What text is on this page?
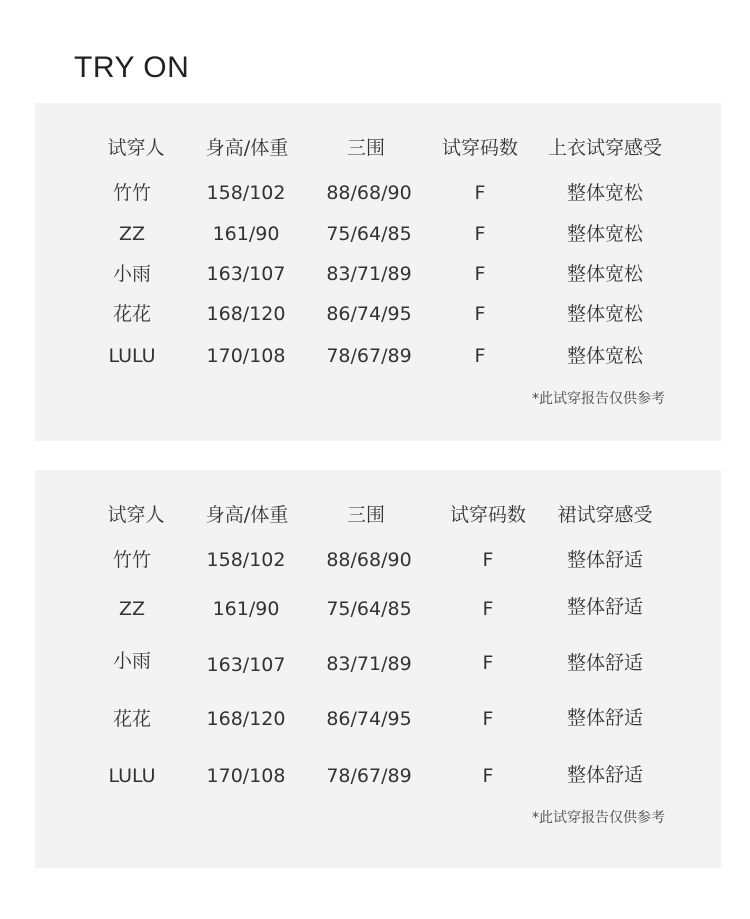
TRY ON
试穿人 身高/体重	三围	试穿码数 上衣试穿感受
竹竹	158/102 88/68/90	F	整体宽松
ZZ	161/90 75/64/85	F	整体宽松
小雨	163/107 83/71/89	F	整体宽松
花花	168/120 86/74/95	F	整体宽松
LULU	170/108 78/67/89	F	整体宽松
*此试穿报告仅供参考
试穿人 身高/体重	三围	试穿码数 裙试穿感受
竹竹	158/102 88/68/90	F	整体舒适
ZZ	161/90 75/64/85	F	整体舒适
小雨	163/107 83/71/89	F	整体舒适
花花	168/120 86/74/95	F	整体舒适
LULU	170/108 78/67/89	F	整体舒适
*此试穿报告仅供参考
